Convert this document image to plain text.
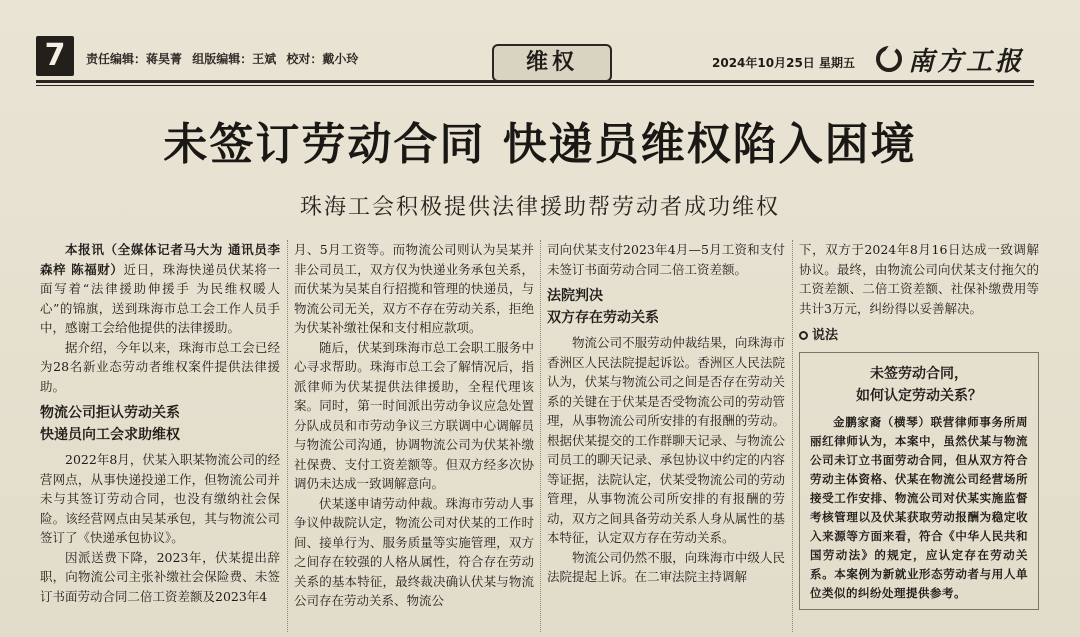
7	责任编辑：蒋昊菁 组版编辑：王斌 校对：戴小玲	维权	2024年10月25日 星期五 南方工报
未签订劳动合同 快递员维权陷入困境
珠海工会积极提供法律援助帮劳动者成功维权

本报讯（全媒体记者马大为 通讯员李森梓 陈福财）近日，珠海快递员伏某将一面写着“法律援助伸援手 为民维权暖人心”的锦旗，送到珠海市总工会工作人员手中，感谢工会给他提供的法律援助。

据介绍，今年以来，珠海市总工会已经为28名新业态劳动者维权案件提供法律援助。

物流公司拒认劳动关系
快递员向工会求助维权

2022年8月，伏某入职某物流公司的经营网点，从事快递投递工作，但物流公司并未与其签订劳动合同，也没有缴纳社会保险。该经营网点由吴某承包，其与物流公司签订了《快递承包协议》。

因派送费下降，2023年，伏某提出辞职，向物流公司主张补缴社会保险费、未签订书面劳动合同二倍工资差额及2023年4

月、5月工资等。而物流公司则认为吴某并非公司员工，双方仅为快递业务承包关系，而伏某为吴某自行招揽和管理的快递员，与物流公司无关，双方不存在劳动关系，拒绝为伏某补缴社保和支付相应款项。

随后，伏某到珠海市总工会职工服务中心寻求帮助。珠海市总工会了解情况后，指派律师为伏某提供法律援助，全程代理该案。同时，第一时间派出劳动争议应急处置分队成员和市劳动争议三方联调中心调解员与物流公司沟通，协调物流公司为伏某补缴社保费、支付工资差额等。但双方经多次协调仍未达成一致调解意向。

伏某遂申请劳动仲裁。珠海市劳动人事争议仲裁院认定，物流公司对伏某的工作时间、接单行为、服务质量等实施管理，双方之间存在较强的人格从属性，符合存在劳动关系的基本特征，最终裁决确认伏某与物流公司存在劳动关系、物流公

司向伏某支付2023年4月—5月工资和支付未签订书面劳动合同二倍工资差额。

法院判决
双方存在劳动关系

物流公司不服劳动仲裁结果，向珠海市香洲区人民法院提起诉讼。香洲区人民法院认为，伏某与物流公司之间是否存在劳动关系的关键在于伏某是否受物流公司的劳动管理，从事物流公司所安排的有报酬的劳动。根据伏某提交的工作群聊天记录、与物流公司员工的聊天记录、承包协议中约定的内容等证据，法院认定，伏某受物流公司的劳动管理，从事物流公司所安排的有报酬的劳动，双方之间具备劳动关系人身从属性的基本特征，认定双方存在劳动关系。

物流公司仍然不服，向珠海市中级人民法院提起上诉。在二审法院主持调解

下，双方于2024年8月16日达成一致调解协议。最终，由物流公司向伏某支付拖欠的工资差额、二倍工资差额、社保补缴费用等共计3万元，纠纷得以妥善解决。

说法
未签劳动合同，
如何认定劳动关系？

金鹏家裔（横琴）联营律师事务所周丽红律师认为，本案中，虽然伏某与物流公司未订立书面劳动合同，但从双方符合劳动主体资格、伏某在物流公司经营场所接受工作安排、物流公司对伏某实施监督考核管理以及伏某获取劳动报酬为稳定收入来源等方面来看，符合《中华人民共和国劳动法》的规定，应认定存在劳动关系。本案例为新就业形态劳动者与用人单位类似的纠纷处理提供参考。
